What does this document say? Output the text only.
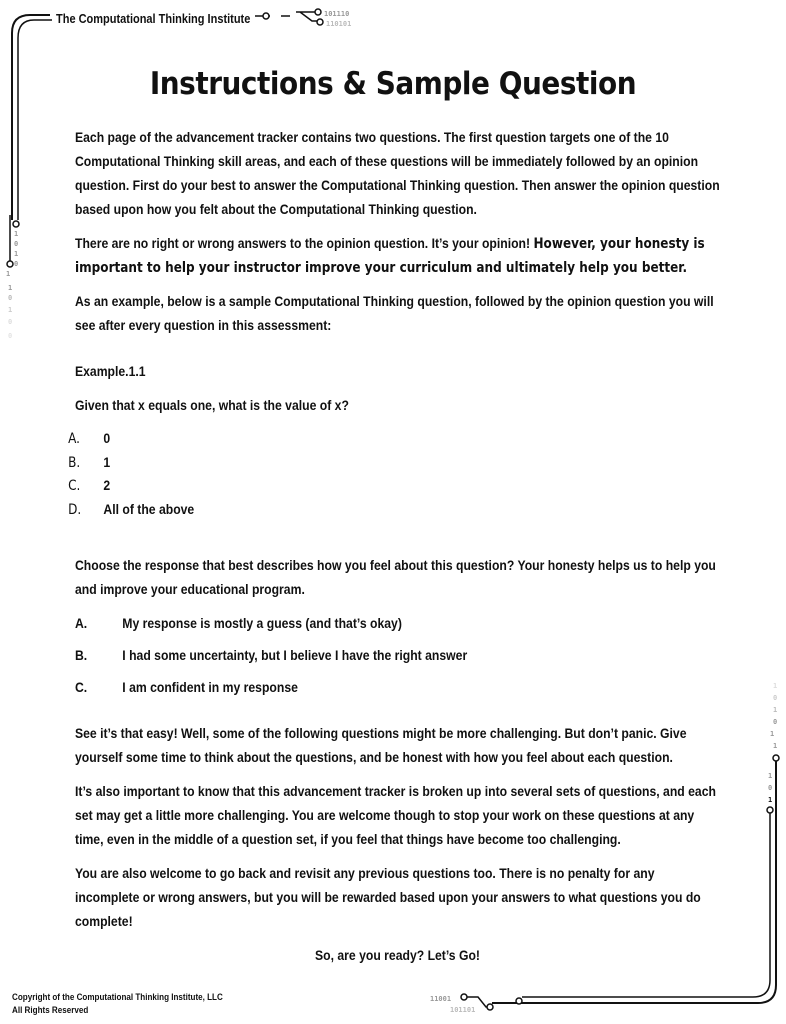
101110
110101
1
0
1
1
0
1
0
1
0
0
1
0
1
0
1
1
1
0
1
11001
101101
The Computational Thinking Institute
Instructions & Sample Question

Each page of the advancement tracker contains two questions. The first question targets one of the 10 Computational Thinking skill areas, and each of these questions will be immediately followed by an opinion question. First do your best to answer the Computational Thinking question. Then answer the opinion question based upon how you felt about the Computational Thinking question.

There are no right or wrong answers to the opinion question. It’s your opinion! However, your honesty is important to help your instructor improve your curriculum and ultimately help you better.

As an example, below is a sample Computational Thinking question, followed by the opinion question you will see after every question in this assessment:

Example.1.1

Given that x equals one, what is the value of x?

A.	0
B.	1
C.	2
D.	All of the above

Choose the response that best describes how you feel about this question? Your honesty helps us to help you and improve your educational program.

A.	My response is mostly a guess (and that’s okay)
B.	I had some uncertainty, but I believe I have the right answer
C.	I am confident in my response

See it’s that easy! Well, some of the following questions might be more challenging. But don’t panic. Give yourself some time to think about the questions, and be honest with how you feel about each question.

It’s also important to know that this advancement tracker is broken up into several sets of questions, and each set may get a little more challenging. You are welcome though to stop your work on these questions at any time, even in the middle of a question set, if you feel that things have become too challenging.

You are also welcome to go back and revisit any previous questions too. There is no penalty for any incomplete or wrong answers, but you will be rewarded based upon your answers to what questions you do complete!

So, are you ready? Let’s Go!

Copyright of the Computational Thinking Institute, LLC
All Rights Reserved
